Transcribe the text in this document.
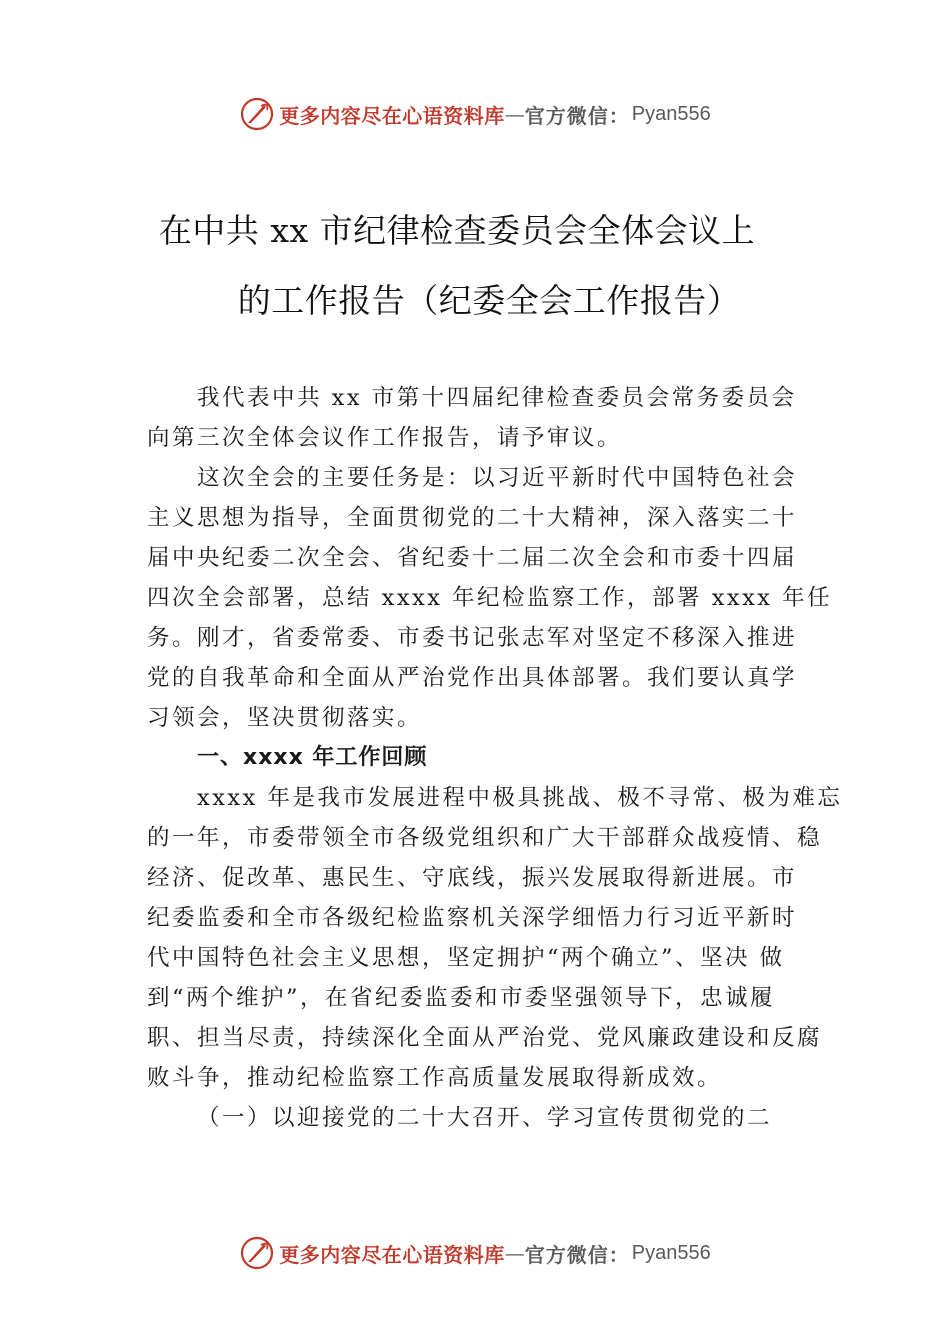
更多内容尽在心语资料库 — 官方微信： Pyan556
在中共 xx 市纪律检查委员会全体会议上
的工作报告（纪委全会工作报告）
我代表中共 xx 市第十四届纪律检查委员会常务委员会
向第三次全体会议作工作报告，请予审议。
这次全会的主要任务是：以习近平新时代中国特色社会
主义思想为指导，全面贯彻党的二十大精神，深入落实二十
届中央纪委二次全会、省纪委十二届二次全会和市委十四届
四次全会部署，总结 xxxx 年纪检监察工作，部署 xxxx 年任
务。刚才，省委常委、市委书记张志军对坚定不移深入推进
党的自我革命和全面从严治党作出具体部署。我们要认真学
习领会，坚决贯彻落实。
一、xxxx 年工作回顾
xxxx 年是我市发展进程中极具挑战、极不寻常、极为难忘
的一年，市委带领全市各级党组织和广大干部群众战疫情、稳
经济、促改革、惠民生、守底线，振兴发展取得新进展。市
纪委监委和全市各级纪检监察机关深学细悟力行习近平新时
代中国特色社会主义思想，坚定拥护“两个确立”、坚决 做
到“两个维护”，在省纪委监委和市委坚强领导下，忠诚履
职、担当尽责，持续深化全面从严治党、党风廉政建设和反腐
败斗争，推动纪检监察工作高质量发展取得新成效。
（一）以迎接党的二十大召开、学习宣传贯彻党的二
更多内容尽在心语资料库 — 官方微信： Pyan556
